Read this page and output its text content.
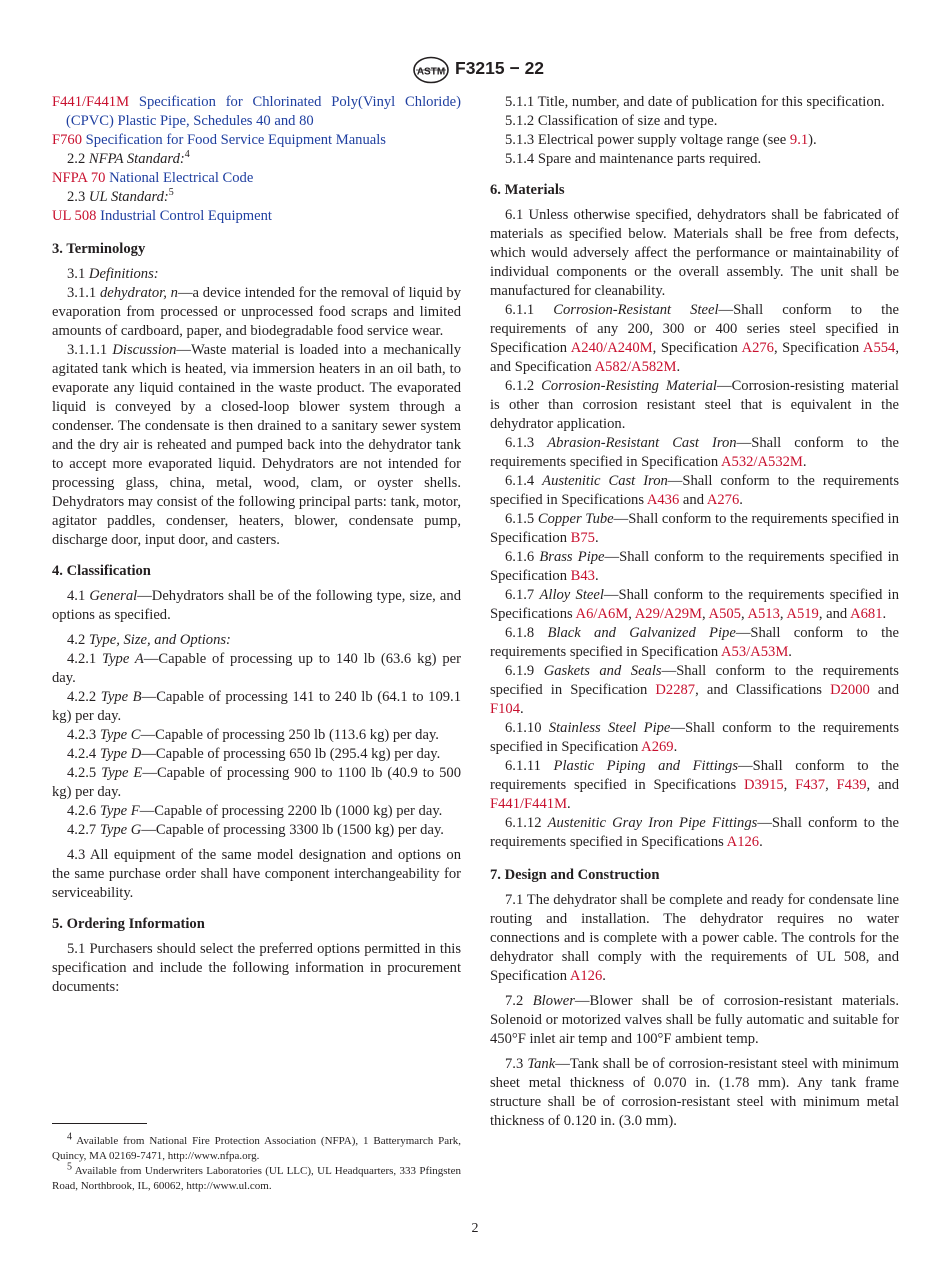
ASTM F3215 − 22

F441/F441M Specification for Chlorinated Poly(Vinyl Chloride) (CPVC) Plastic Pipe, Schedules 40 and 80

F760 Specification for Food Service Equipment Manuals

2.2 NFPA Standard:$^4$

NFPA 70 National Electrical Code

2.3 UL Standard:$^5$

UL 508 Industrial Control Equipment

3. Terminology

3.1 Definitions:

3.1.1 dehydrator, n—a device intended for the removal of liquid by evaporation from processed or unprocessed food scraps and limited amounts of cardboard, paper, and biodegradable food service wear.

3.1.1.1 Discussion—Waste material is loaded into a mechanically agitated tank which is heated, via immersion heaters in an oil bath, to evaporate any liquid contained in the waste product. The evaporated liquid is conveyed by a closed-loop blower system through a condenser. The condensate is then drained to a sanitary sewer system and the dry air is reheated and pumped back into the dehydrator tank to accept more evaporated liquid. Dehydrators are not intended for processing glass, china, metal, wood, clam, or oyster shells. Dehydrators may consist of the following principal parts: tank, motor, agitator paddles, condenser, heaters, blower, condensate pump, discharge door, input door, and casters.

4. Classification

4.1 General—Dehydrators shall be of the following type, size, and options as specified.

4.2 Type, Size, and Options:

4.2.1 Type A—Capable of processing up to 140 lb (63.6 kg) per day.

4.2.2 Type B—Capable of processing 141 to 240 lb (64.1 to 109.1 kg) per day.

4.2.3 Type C—Capable of processing 250 lb (113.6 kg) per day.

4.2.4 Type D—Capable of processing 650 lb (295.4 kg) per day.

4.2.5 Type E—Capable of processing 900 to 1100 lb (40.9 to 500 kg) per day.

4.2.6 Type F—Capable of processing 2200 lb (1000 kg) per day.

4.2.7 Type G—Capable of processing 3300 lb (1500 kg) per day.

4.3 All equipment of the same model designation and options on the same purchase order shall have component interchangeability for serviceability.

5. Ordering Information

5.1 Purchasers should select the preferred options permitted in this specification and include the following information in procurement documents:

5.1.1 Title, number, and date of publication for this specification.

5.1.2 Classification of size and type.

5.1.3 Electrical power supply voltage range (see 9.1).

5.1.4 Spare and maintenance parts required.

6. Materials

6.1 Unless otherwise specified, dehydrators shall be fabricated of materials as specified below. Materials shall be free from defects, which would adversely affect the performance or maintainability of individual components or the overall assembly. The unit shall be manufactured for cleanability.

6.1.1 Corrosion-Resistant Steel—Shall conform to the requirements of any 200, 300 or 400 series steel specified in Specification A240/A240M, Specification A276, Specification A554, and Specification A582/A582M.

6.1.2 Corrosion-Resisting Material—Corrosion-resisting material is other than corrosion resistant steel that is equivalent in the dehydrator application.

6.1.3 Abrasion-Resistant Cast Iron—Shall conform to the requirements specified in Specification A532/A532M.

6.1.4 Austenitic Cast Iron—Shall conform to the requirements specified in Specifications A436 and A276.

6.1.5 Copper Tube—Shall conform to the requirements specified in Specification B75.

6.1.6 Brass Pipe—Shall conform to the requirements specified in Specification B43.

6.1.7 Alloy Steel—Shall conform to the requirements specified in Specifications A6/A6M, A29/A29M, A505, A513, A519, and A681.

6.1.8 Black and Galvanized Pipe—Shall conform to the requirements specified in Specification A53/A53M.

6.1.9 Gaskets and Seals—Shall conform to the requirements specified in Specification D2287, and Classifications D2000 and F104.

6.1.10 Stainless Steel Pipe—Shall conform to the requirements specified in Specification A269.

6.1.11 Plastic Piping and Fittings—Shall conform to the requirements specified in Specifications D3915, F437, F439, and F441/F441M.

6.1.12 Austenitic Gray Iron Pipe Fittings—Shall conform to the requirements specified in Specifications A126.

7. Design and Construction

7.1 The dehydrator shall be complete and ready for condensate line routing and installation. The dehydrator requires no water connections and is complete with a power cable. The controls for the dehydrator shall comply with the requirements of UL 508, and Specification A126.

7.2 Blower—Blower shall be of corrosion-resistant materials. Solenoid or motorized valves shall be fully automatic and suitable for 450°F inlet air temp and 100°F ambient temp.

7.3 Tank—Tank shall be of corrosion-resistant steel with minimum sheet metal thickness of 0.070 in. (1.78 mm). Any tank frame structure shall be of corrosion-resistant steel with minimum metal thickness of 0.120 in. (3.0 mm).

$^4$ Available from National Fire Protection Association (NFPA), 1 Batterymarch Park, Quincy, MA 02169-7471, http://www.nfpa.org.

$^5$ Available from Underwriters Laboratories (UL LLC), UL Headquarters, 333 Pfingsten Road, Northbrook, IL, 60062, http://www.ul.com.

2
